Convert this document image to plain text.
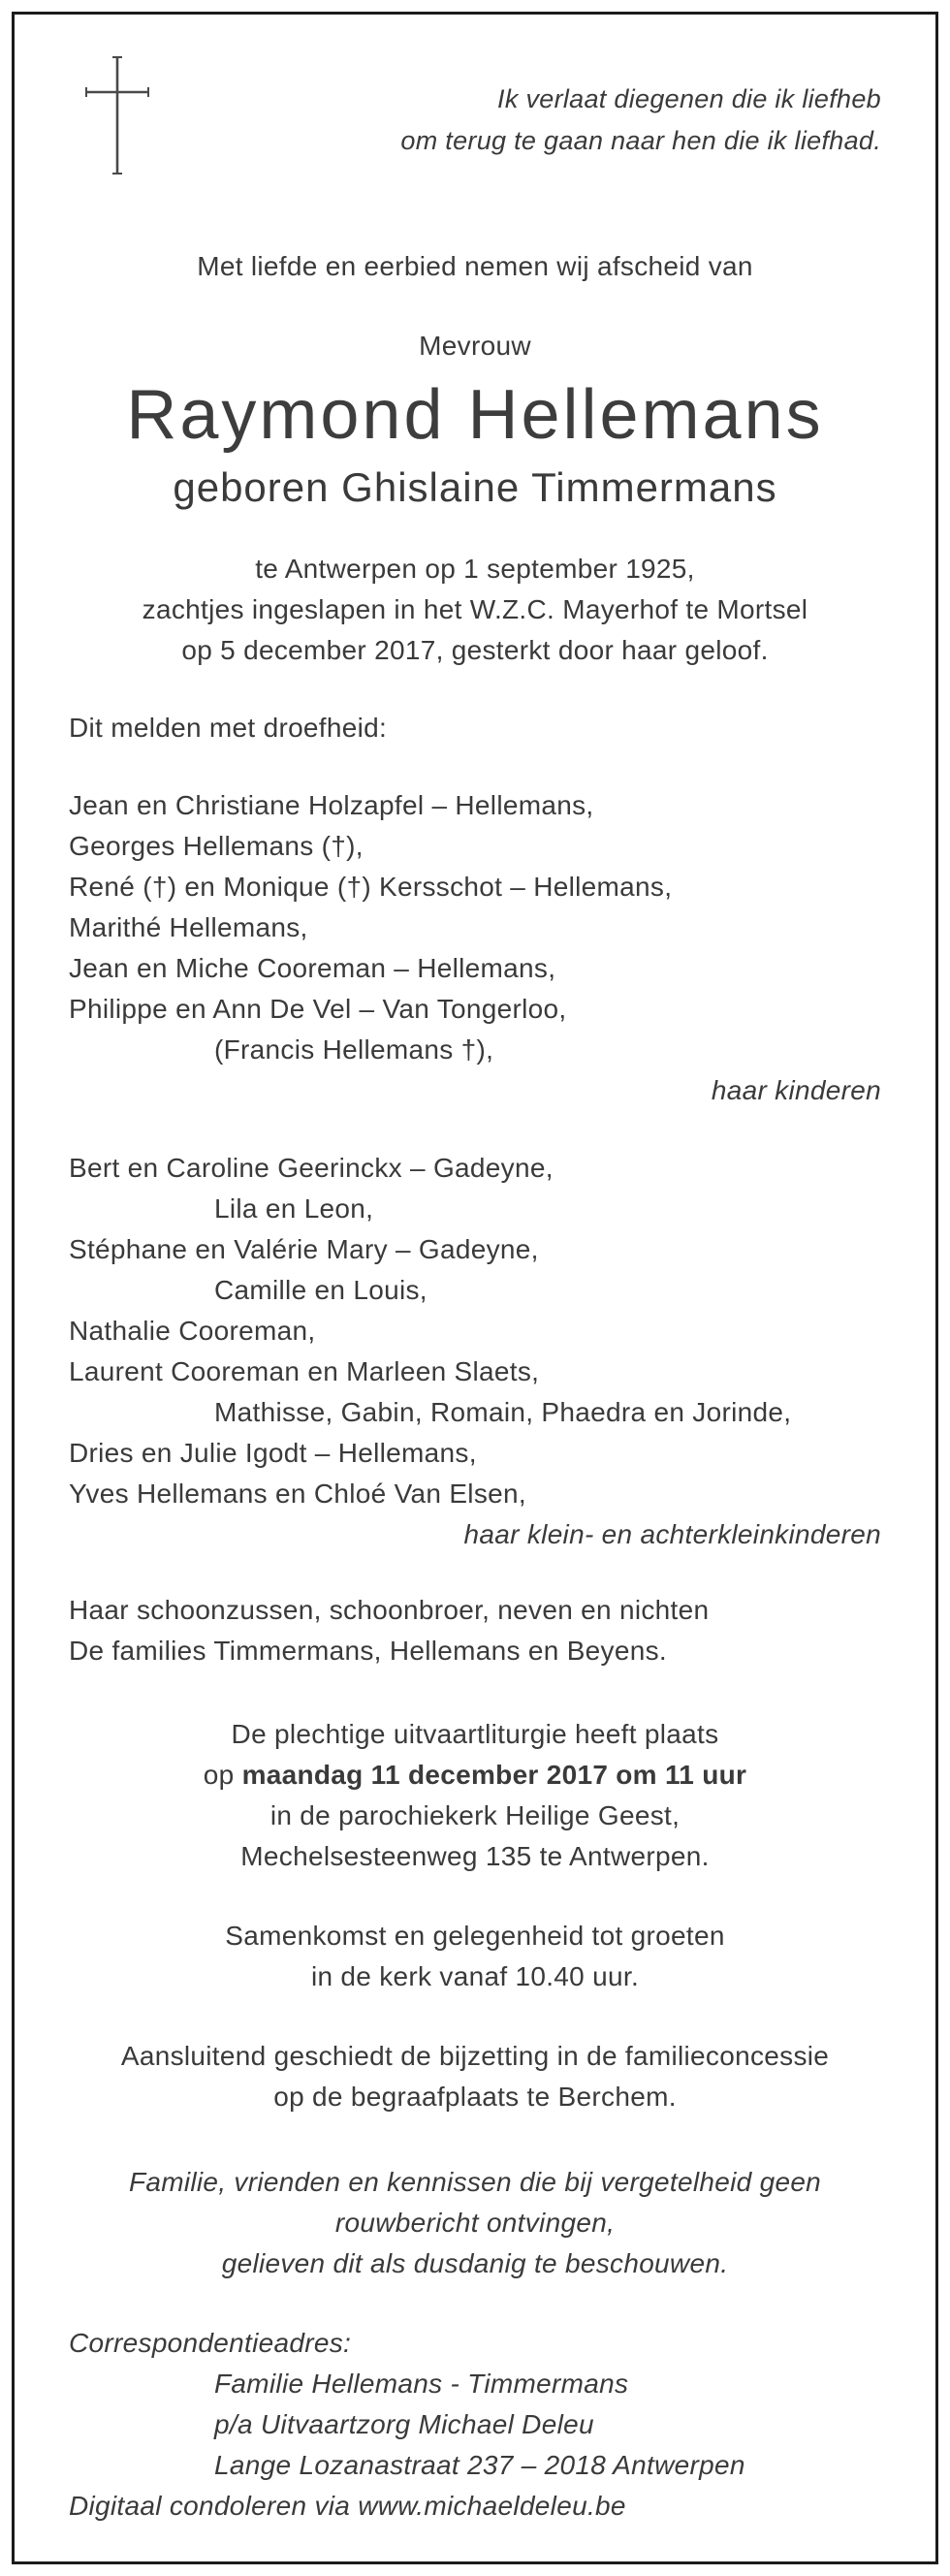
Ik verlaat diegenen die ik liefheb
om terug te gaan naar hen die ik liefhad.
Met liefde en eerbied nemen wij afscheid van
Mevrouw
Raymond Hellemans
geboren Ghislaine Timmermans
te Antwerpen op 1 september 1925,
zachtjes ingeslapen in het W.Z.C. Mayerhof te Mortsel
op 5 december 2017, gesterkt door haar geloof.
Dit melden met droefheid:
Jean en Christiane Holzapfel – Hellemans,
Georges Hellemans (†),
René (†) en Monique (†) Kersschot – Hellemans,
Marithé Hellemans,
Jean en Miche Cooreman – Hellemans,
Philippe en Ann De Vel – Van Tongerloo,
(Francis Hellemans †),
haar kinderen
Bert en Caroline Geerinckx – Gadeyne,
Lila en Leon,
Stéphane en Valérie Mary – Gadeyne,
Camille en Louis,
Nathalie Cooreman,
Laurent Cooreman en Marleen Slaets,
Mathisse, Gabin, Romain, Phaedra en Jorinde,
Dries en Julie Igodt – Hellemans,
Yves Hellemans en Chloé Van Elsen,
haar klein- en achterkleinkinderen
Haar schoonzussen, schoonbroer, neven en nichten
De families Timmermans, Hellemans en Beyens.
De plechtige uitvaartliturgie heeft plaats
op maandag 11 december 2017 om 11 uur
in de parochiekerk Heilige Geest,
Mechelsesteenweg 135 te Antwerpen.
Samenkomst en gelegenheid tot groeten
in de kerk vanaf 10.40 uur.
Aansluitend geschiedt de bijzetting in de familieconcessie
op de begraafplaats te Berchem.
Familie, vrienden en kennissen die bij vergetelheid geen
rouwbericht ontvingen,
gelieven dit als dusdanig te beschouwen.
Correspondentieadres:
Familie Hellemans - Timmermans
p/a Uitvaartzorg Michael Deleu
Lange Lozanastraat 237 – 2018 Antwerpen
Digitaal condoleren via www.michaeldeleu.be
